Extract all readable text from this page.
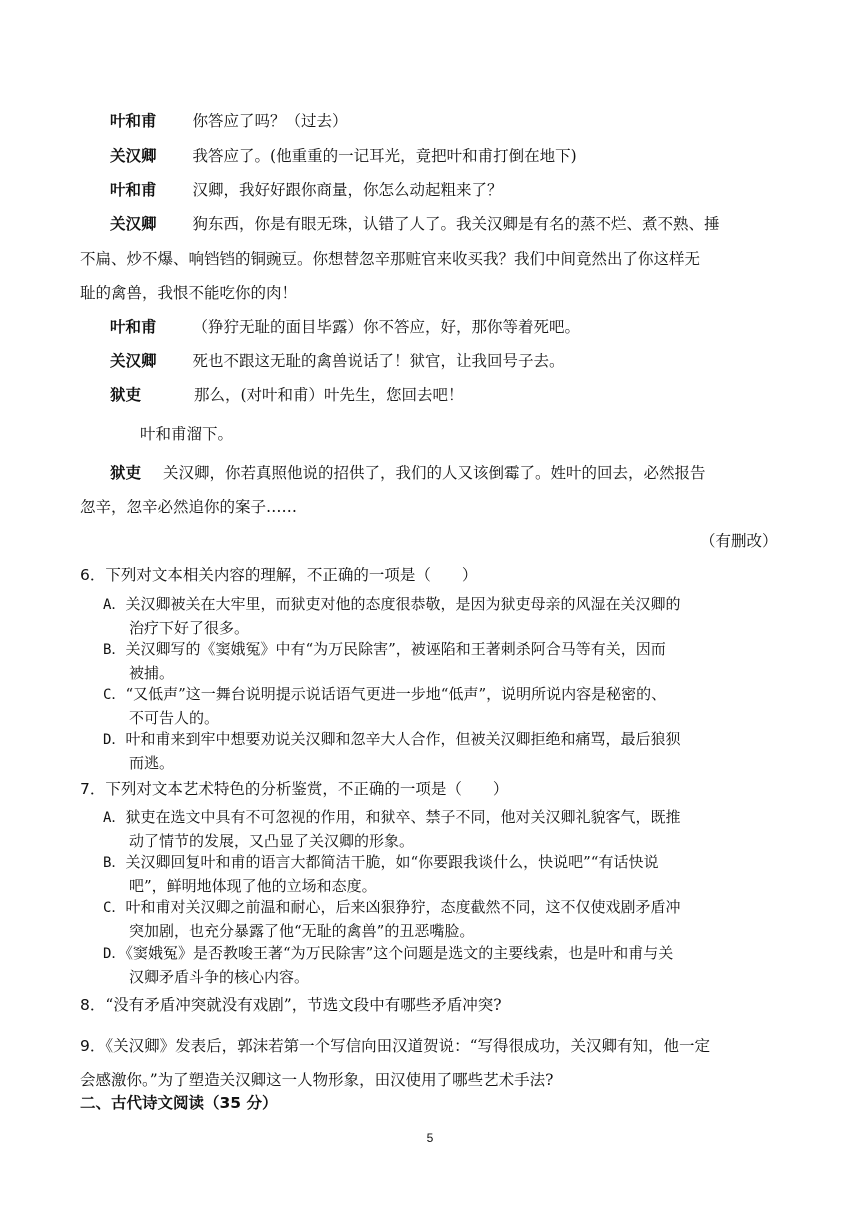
叶和甫 你答应了吗？（过去）
关汉卿 我答应了。(他重重的一记耳光，竟把叶和甫打倒在地下)
叶和甫 汉卿，我好好跟你商量，你怎么动起粗来了？
关汉卿 狗东西，你是有眼无珠，认错了人了。我关汉卿是有名的蒸不烂、煮不熟、捶
不扁、炒不爆、响铛铛的铜豌豆。你想替忽辛那赃官来收买我？我们中间竟然出了你这样无
耻的禽兽，我恨不能吃你的肉！
叶和甫 （狰狞无耻的面目毕露）你不答应，好，那你等着死吧。
关汉卿 死也不跟这无耻的禽兽说话了！狱官，让我回号子去。
狱吏	那么，(对叶和甫）叶先生，您回去吧！
叶和甫溜下。
狱吏 关汉卿，你若真照他说的招供了，我们的人又该倒霉了。姓叶的回去，必然报告
忽辛，忽辛必然追你的案子……
（有删改）
6．下列对文本相关内容的理解，不正确的一项是（　　）
A．关汉卿被关在大牢里，而狱吏对他的态度很恭敬，是因为狱吏母亲的风湿在关汉卿的
治疗下好了很多。
B．关汉卿写的《窦娥冤》中有“为万民除害”，被诬陷和王著刺杀阿合马等有关，因而
被捕。
C．“又低声”这一舞台说明提示说话语气更进一步地“低声”，说明所说内容是秘密的、
不可告人的。
D．叶和甫来到牢中想要劝说关汉卿和忽辛大人合作，但被关汉卿拒绝和痛骂，最后狼狈
而逃。
7．下列对文本艺术特色的分析鉴赏，不正确的一项是（　　）
A．狱吏在选文中具有不可忽视的作用，和狱卒、禁子不同，他对关汉卿礼貌客气，既推
动了情节的发展，又凸显了关汉卿的形象。
B．关汉卿回复叶和甫的语言大都简洁干脆，如“你要跟我谈什么，快说吧”“有话快说
吧”，鲜明地体现了他的立场和态度。
C．叶和甫对关汉卿之前温和耐心，后来凶狠狰狞，态度截然不同，这不仅使戏剧矛盾冲
突加剧，也充分暴露了他“无耻的禽兽”的丑恶嘴脸。
D．《窦娥冤》是否教唆王著“为万民除害”这个问题是选文的主要线索，也是叶和甫与关
汉卿矛盾斗争的核心内容。
8．“没有矛盾冲突就没有戏剧”，节选文段中有哪些矛盾冲突?
9．《关汉卿》发表后，郭沫若第一个写信向田汉道贺说：“写得很成功，关汉卿有知，他一定
会感激你。”为了塑造关汉卿这一人物形象，田汉使用了哪些艺术手法?
二、古代诗文阅读（35 分）
5
